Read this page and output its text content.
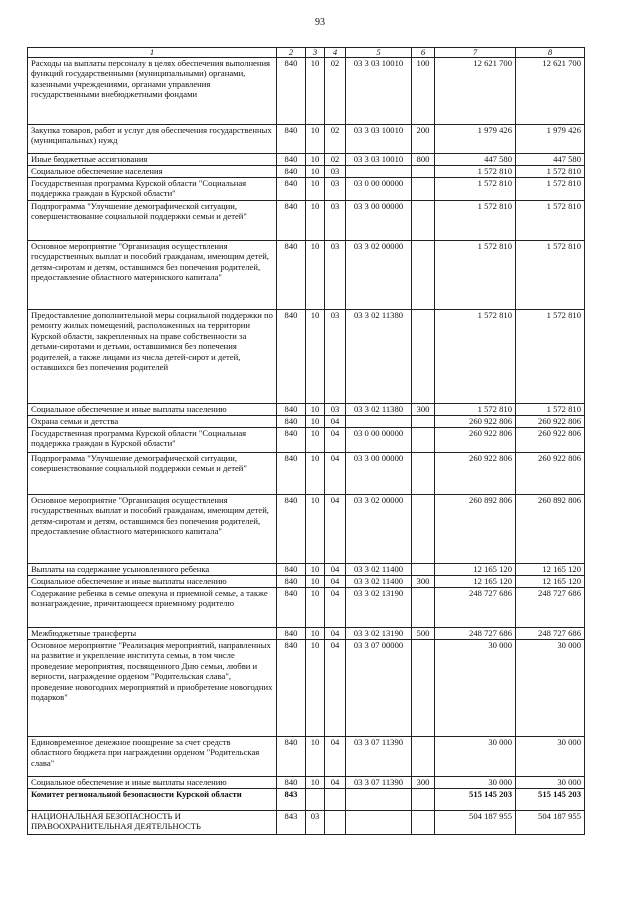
93
1	2	3	4	5	6	7	8
Расходы на выплаты персоналу в целях обеспечения выполнения функций государственными (муниципальными) органами, казенными учреждениями, органами управления государственными внебюджетными фондами	840	10	02	03 3 03 10010	100	12 621 700	12 621 700
Закупка товаров, работ и услуг для обеспечения государственных (муниципальных) нужд	840	10	02	03 3 03 10010	200	1 979 426	1 979 426
Иные бюджетные ассигнования	840	10	02	03 3 03 10010	800	447 580	447 580
Социальное обеспечение населения	840	10	03			1 572 810	1 572 810
Государственная программа Курской области "Социальная поддержка граждан в Курской области"	840	10	03	03 0 00 00000		1 572 810	1 572 810
Подпрограмма "Улучшение демографической ситуации, совершенствование социальной поддержки семьи и детей"	840	10	03	03 3 00 00000		1 572 810	1 572 810
Основное мероприятие "Организация осуществления государственных выплат и пособий гражданам, имеющим детей, детям-сиротам и детям, оставшимся без попечения родителей, предоставление областного материнского капитала"	840	10	03	03 3 02 00000		1 572 810	1 572 810
Предоставление дополнительной меры социальной поддержки по ремонту жилых помещений, расположенных на территории Курской области, закрепленных на праве собственности за детьми-сиротами и детьми, оставшимися без попечения родителей, а также лицами из числа детей-сирот и детей, оставшихся без попечения родителей	840	10	03	03 3 02 11380		1 572 810	1 572 810
Социальное обеспечение и иные выплаты населению	840	10	03	03 3 02 11380	300	1 572 810	1 572 810
Охрана семьи и детства	840	10	04			260 922 806	260 922 806
Государственная программа Курской области "Социальная поддержка граждан в Курской области"	840	10	04	03 0 00 00000		260 922 806	260 922 806
Подпрограмма "Улучшение демографической ситуации, совершенствование социальной поддержки семьи и детей"	840	10	04	03 3 00 00000		260 922 806	260 922 806
Основное мероприятие "Организация осуществления государственных выплат и пособий гражданам, имеющим детей, детям-сиротам и детям, оставшимся без попечения родителей, предоставление областного материнского капитала"	840	10	04	03 3 02 00000		260 892 806	260 892 806
Выплаты на содержание усыновленного ребенка	840	10	04	03 3 02 11400		12 165 120	12 165 120
Социальное обеспечение и иные выплаты населению	840	10	04	03 3 02 11400	300	12 165 120	12 165 120
Содержание ребенка в семье опекуна и приемной семье, а также вознаграждение, причитающееся приемному родителю	840	10	04	03 3 02 13190		248 727 686	248 727 686
Межбюджетные трансферты	840	10	04	03 3 02 13190	500	248 727 686	248 727 686
Основное мероприятие "Реализация мероприятий, направленных на развитие и укрепление института семьи, в том числе проведение мероприятия, посвященного Дню семьи, любви и верности, награждение орденом "Родительская слава", проведение новогодних мероприятий и приобретение новогодних подарков"	840	10	04	03 3 07 00000		30 000	30 000
Единовременное денежное поощрение за счет средств областного бюджета при награждении орденом "Родительская слава"	840	10	04	03 3 07 11390		30 000	30 000
Социальное обеспечение и иные выплаты населению	840	10	04	03 3 07 11390	300	30 000	30 000
Комитет региональной безопасности Курской области	843					515 145 203	515 145 203
НАЦИОНАЛЬНАЯ БЕЗОПАСНОСТЬ И ПРАВООХРАНИТЕЛЬНАЯ ДЕЯТЕЛЬНОСТЬ	843	03				504 187 955	504 187 955
